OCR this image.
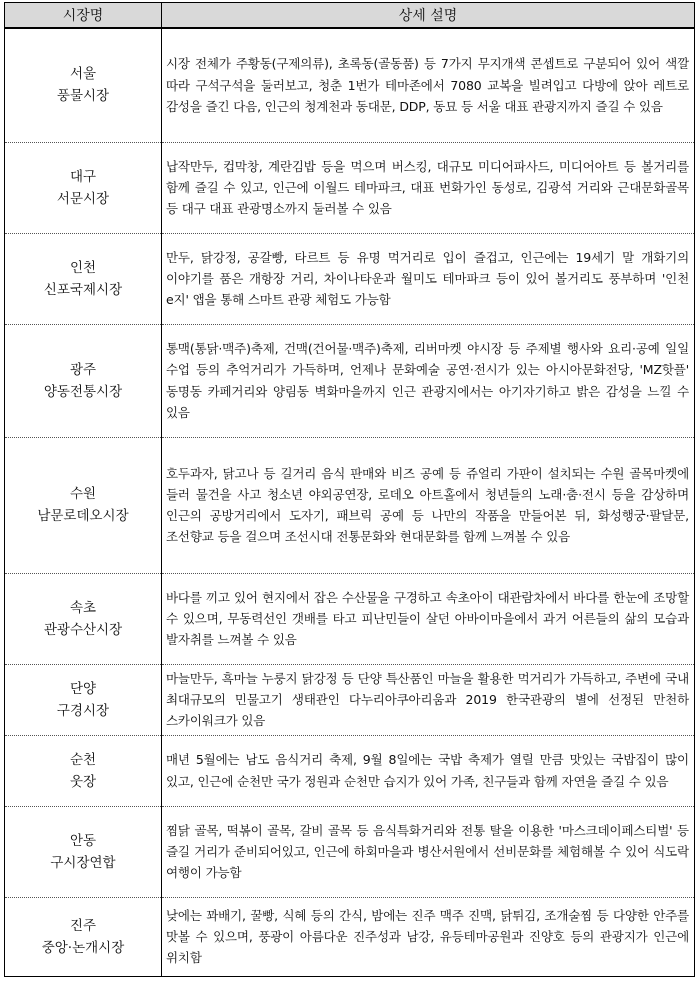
시장명	상세 설명

서울
풍물시장	시장 전체가 주황동(구제의류), 초록동(골동품) 등 7가지 무지개색 콘셉트로 구분되어 있어 색깔 따라 구석구석을 둘러보고, 청춘 1번가 테마존에서 7080 교복을 빌려입고 다방에 앉아 레트로 감성을 즐긴 다음, 인근의 청계천과 동대문, DDP, 동묘 등 서울 대표 관광지까지 즐길 수 있음

대구
서문시장	납작만두, 컵막창, 계란김밥 등을 먹으며 버스킹, 대규모 미디어파사드, 미디어아트 등 볼거리를 함께 즐길 수 있고, 인근에 이월드 테마파크, 대표 번화가인 동성로, 김광석 거리와 근대문화골목 등 대구 대표 관광명소까지 둘러볼 수 있음

인천
신포국제시장	만두, 닭강정, 공갈빵, 타르트 등 유명 먹거리로 입이 즐겁고, 인근에는 19세기 말 개화기의 이야기를 품은 개항장 거리, 차이나타운과 월미도 테마파크 등이 있어 볼거리도 풍부하며 '인천 e지' 앱을 통해 스마트 관광 체험도 가능함

광주
양동전통시장	통맥(통닭·맥주)축제, 건맥(건어물·맥주)축제, 리버마켓 야시장 등 주제별 행사와 요리·공예 일일 수업 등의 추억거리가 가득하며, 언제나 문화예술 공연·전시가 있는 아시아문화전당, 'MZ핫플' 동명동 카페거리와 양림동 벽화마을까지 인근 관광지에서는 아기자기하고 밝은 감성을 느낄 수 있음

수원
남문로데오시장	호두과자, 닭고나 등 길거리 음식 판매와 비즈 공예 등 쥬얼리 가판이 설치되는 수원 골목마켓에 들러 물건을 사고 청소년 야외공연장, 로데오 아트홀에서 청년들의 노래·춤·전시 등을 감상하며 인근의 공방거리에서 도자기, 패브릭 공예 등 나만의 작품을 만들어본 뒤, 화성행궁·팔달문, 조선향교 등을 걸으며 조선시대 전통문화와 현대문화를 함께 느껴볼 수 있음

속초
관광수산시장	바다를 끼고 있어 현지에서 잡은 수산물을 구경하고 속초아이 대관람차에서 바다를 한눈에 조망할 수 있으며, 무동력선인 갯배를 타고 피난민들이 살던 아바이마을에서 과거 어른들의 삶의 모습과 발자취를 느껴볼 수 있음

단양
구경시장	마늘만두, 흑마늘 누룽지 닭강정 등 단양 특산품인 마늘을 활용한 먹거리가 가득하고, 주변에 국내 최대규모의 민물고기 생태관인 다누리아쿠아리움과 2019 한국관광의 별에 선정된 만천하 스카이워크가 있음

순천
웃장	매년 5월에는 남도 음식거리 축제, 9월 8일에는 국밥 축제가 열릴 만큼 맛있는 국밥집이 많이 있고, 인근에 순천만 국가 정원과 순천만 습지가 있어 가족, 친구들과 함께 자연을 즐길 수 있음

안동
구시장연합	찜닭 골목, 떡볶이 골목, 갈비 골목 등 음식특화거리와 전통 탈을 이용한 '마스크데이페스티벌' 등 즐길 거리가 준비되어있고, 인근에 하회마을과 병산서원에서 선비문화를 체험해볼 수 있어 식도락 여행이 가능함

진주
중앙·논개시장	낮에는 꽈배기, 꿀빵, 식혜 등의 간식, 밤에는 진주 맥주 진맥, 닭튀김, 조개술찜 등 다양한 안주를 맛볼 수 있으며, 풍광이 아름다운 진주성과 남강, 유등테마공원과 진양호 등의 관광지가 인근에 위치함
